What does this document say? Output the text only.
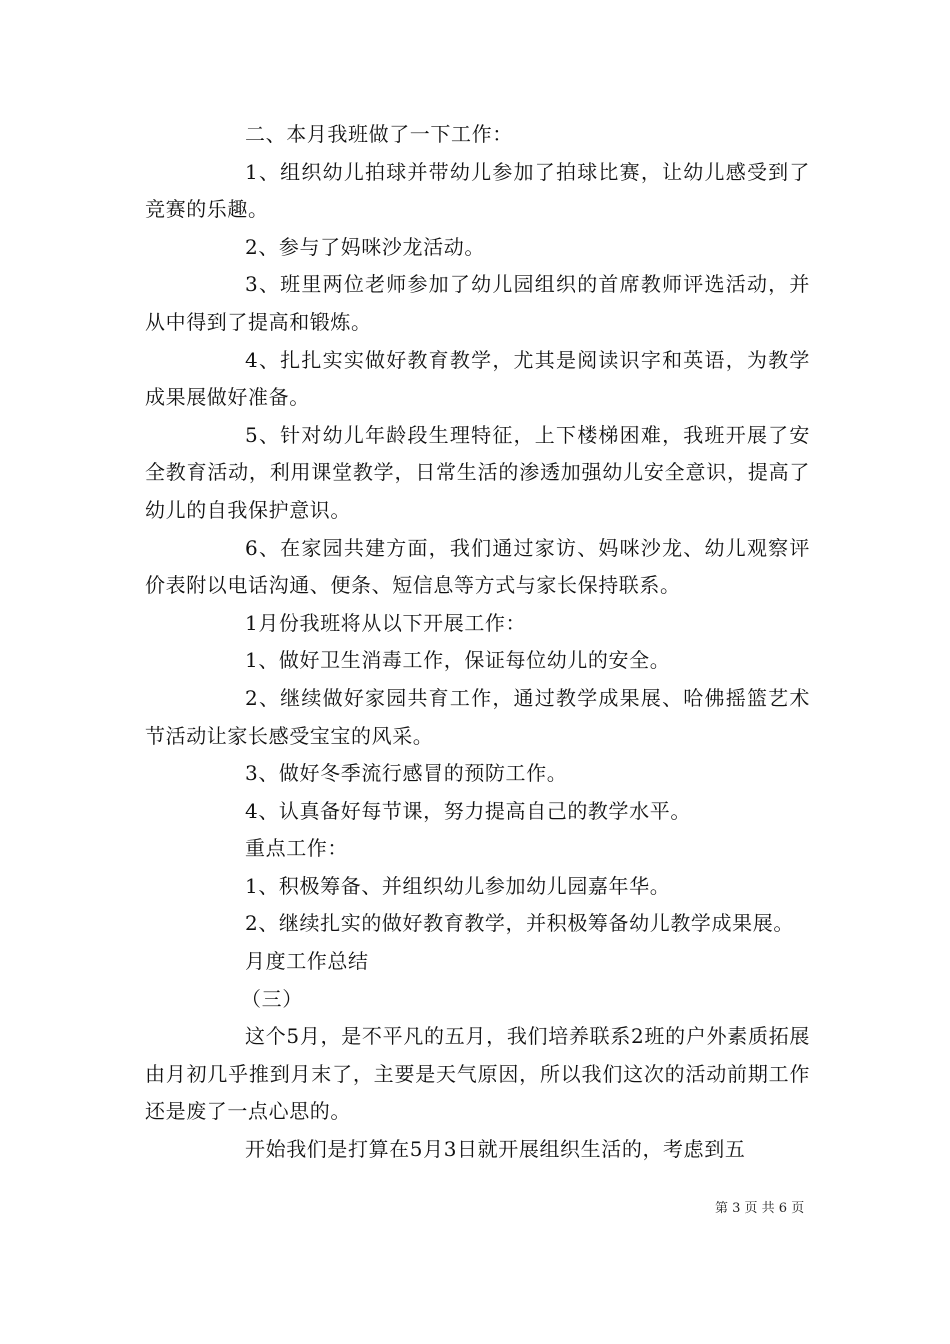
二、本月我班做了一下工作：

1、组织幼儿拍球并带幼儿参加了拍球比赛，让幼儿感受到了竞赛的乐趣。

2、参与了妈咪沙龙活动。

3、班里两位老师参加了幼儿园组织的首席教师评选活动，并从中得到了提高和锻炼。

4、扎扎实实做好教育教学，尤其是阅读识字和英语，为教学成果展做好准备。

5、针对幼儿年龄段生理特征，上下楼梯困难，我班开展了安全教育活动，利用课堂教学，日常生活的渗透加强幼儿安全意识，提高了幼儿的自我保护意识。

6、在家园共建方面，我们通过家访、妈咪沙龙、幼儿观察评价表附以电话沟通、便条、短信息等方式与家长保持联系。

1月份我班将从以下开展工作：

1、做好卫生消毒工作，保证每位幼儿的安全。

2、继续做好家园共育工作，通过教学成果展、哈佛摇篮艺术节活动让家长感受宝宝的风采。

3、做好冬季流行感冒的预防工作。

4、认真备好每节课，努力提高自己的教学水平。

重点工作：

1、积极筹备、并组织幼儿参加幼儿园嘉年华。

2、继续扎实的做好教育教学，并积极筹备幼儿教学成果展。

月度工作总结

（三）

这个5月，是不平凡的五月，我们培养联系2班的户外素质拓展由月初几乎推到月末了，主要是天气原因，所以我们这次的活动前期工作还是废了一点心思的。

开始我们是打算在5月3日就开展组织生活的，考虑到五

第 3 页 共 6 页
